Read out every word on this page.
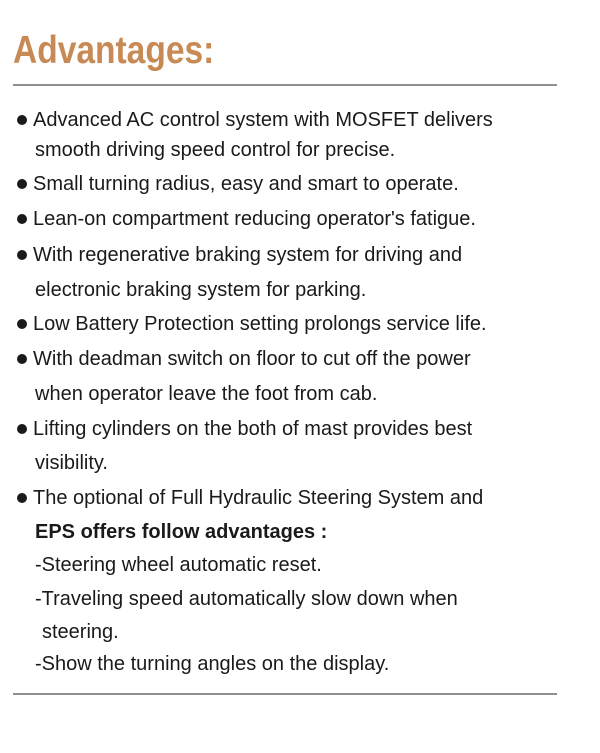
Advantages:
Advanced AC control system with MOSFET delivers
smooth driving speed control for precise.
Small turning radius, easy and smart to operate.
Lean-on compartment reducing operator's fatigue.
With regenerative braking system for driving and
electronic braking system for parking.
Low Battery Protection setting prolongs service life.
With deadman switch on floor to cut off the power
when operator leave the foot from cab.
Lifting cylinders on the both of mast provides best
visibility.
The optional of Full Hydraulic Steering System and
EPS offers follow advantages :
-Steering wheel automatic reset.
-Traveling speed automatically slow down when
steering.
-Show the turning angles on the display.
